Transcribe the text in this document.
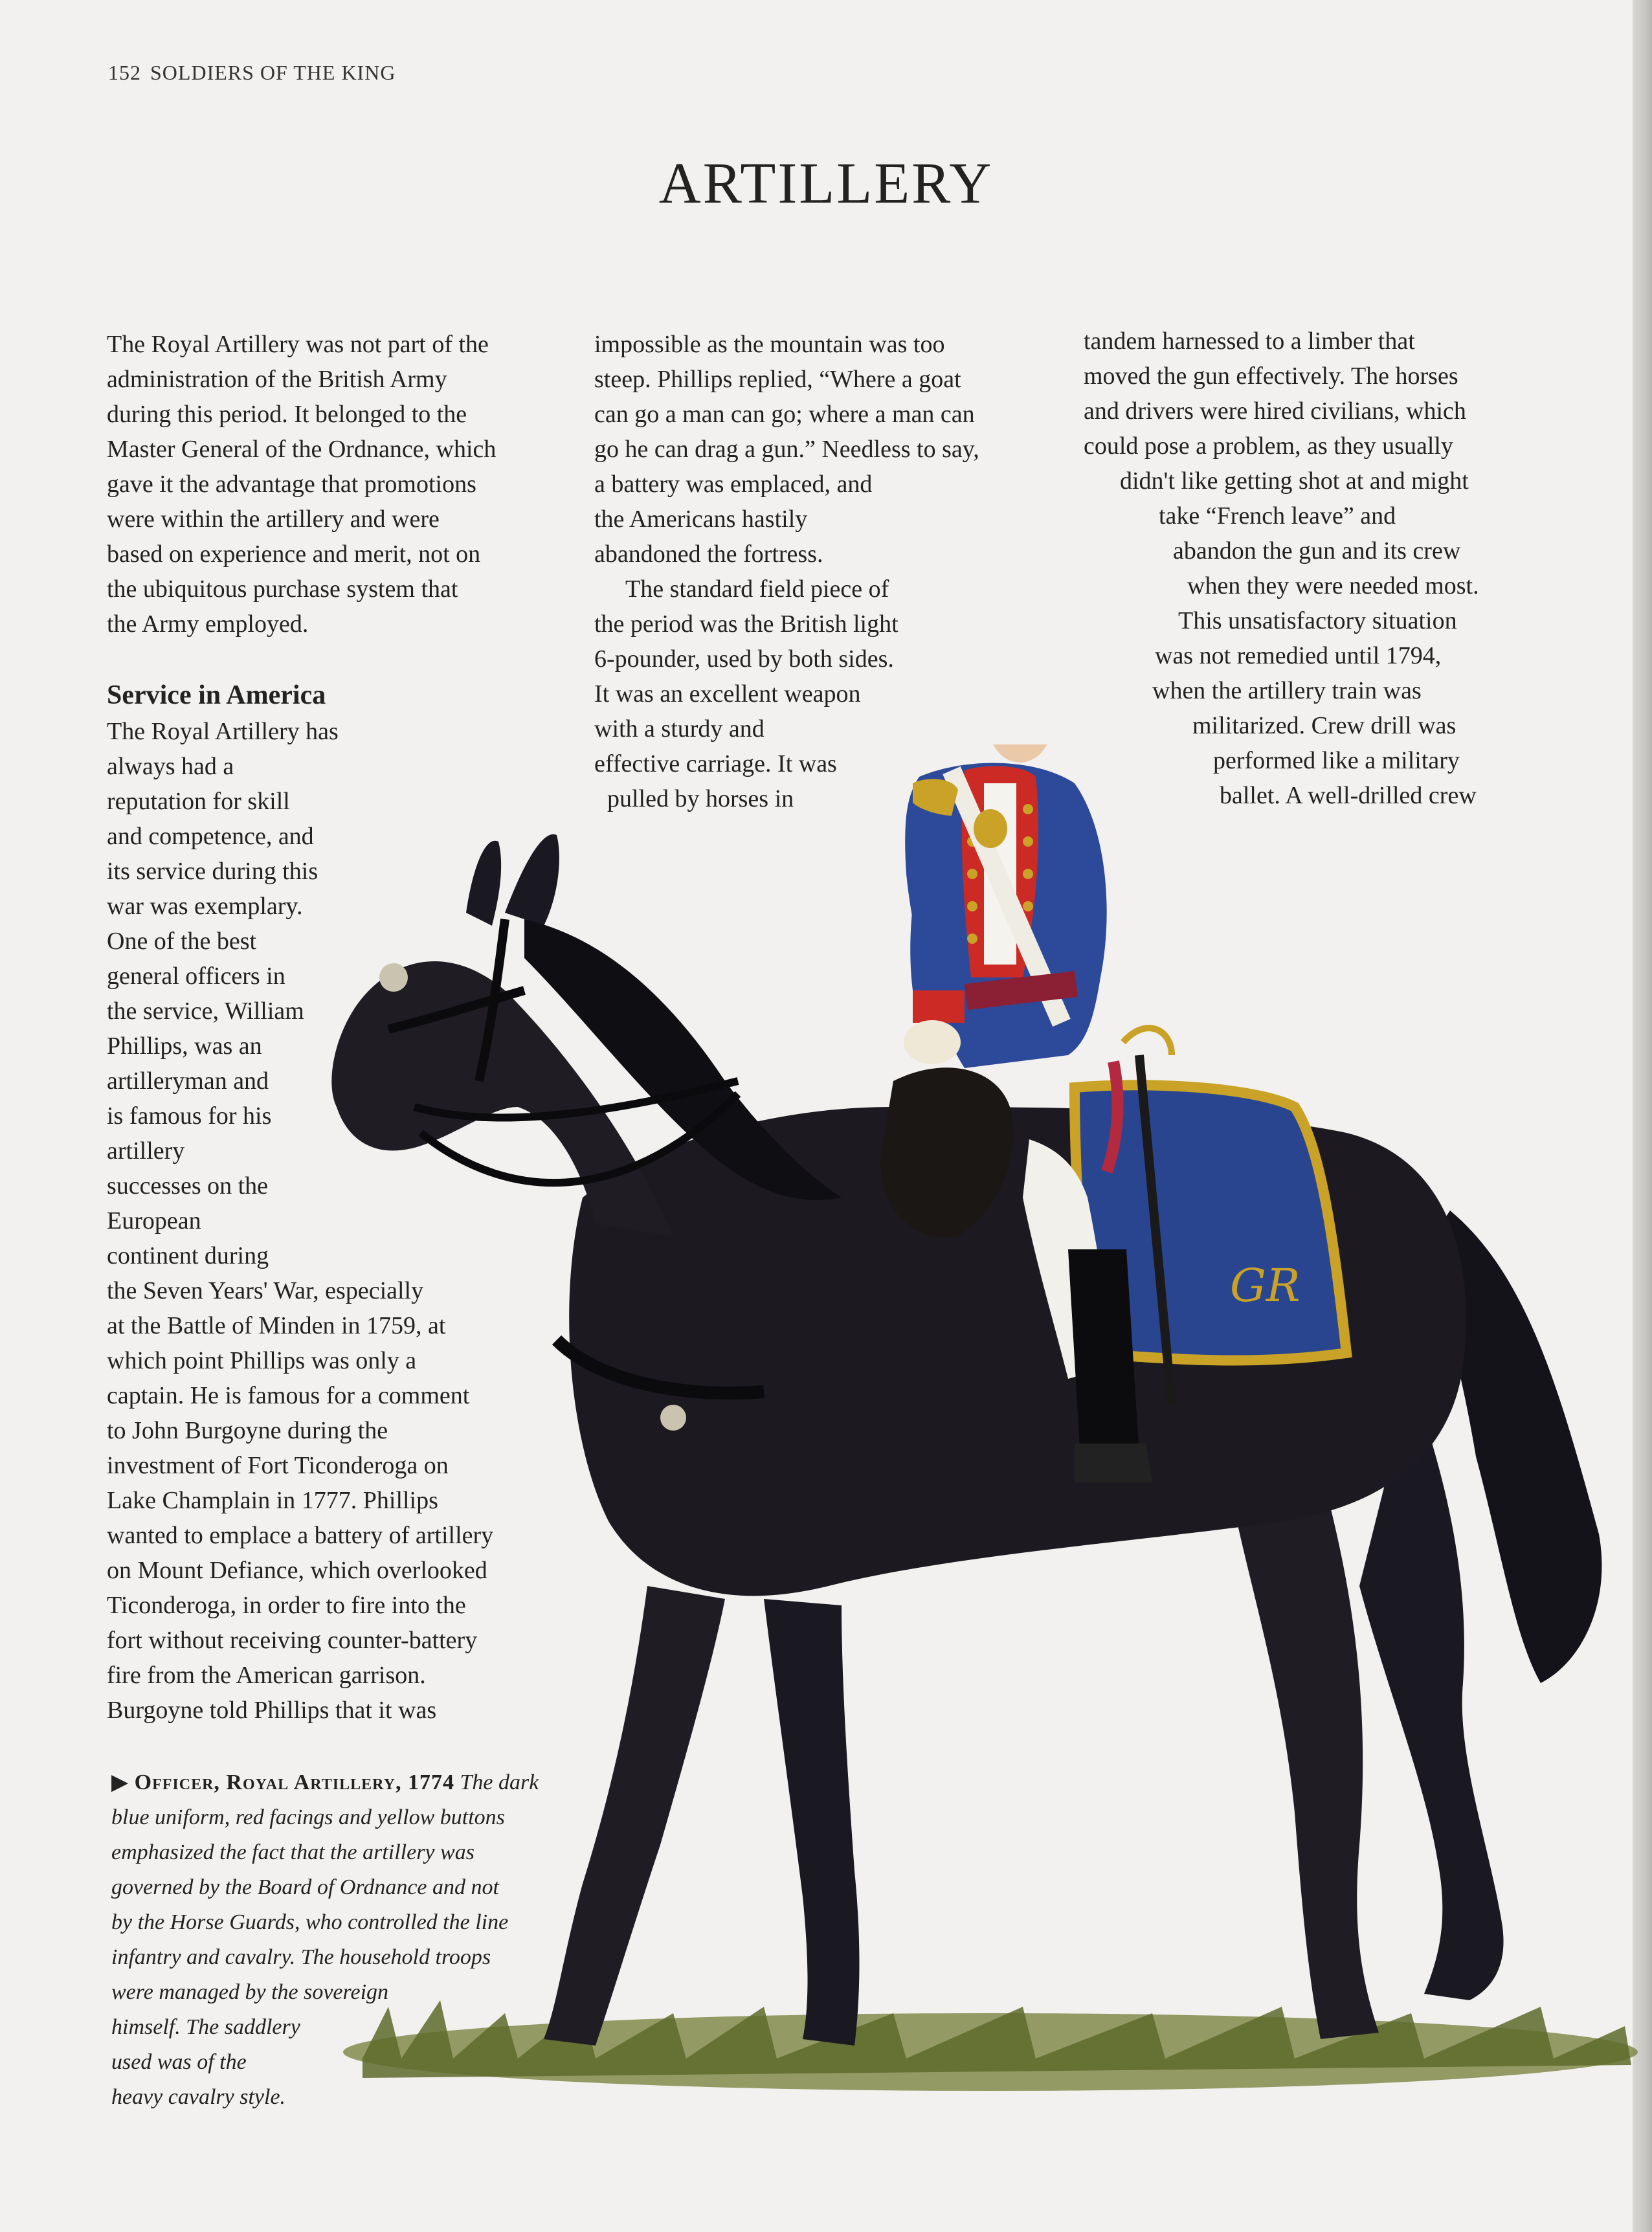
152 SOLDIERS OF THE KING
ARTILLERY
The Royal Artillery was not part of the
administration of the British Army
during this period. It belonged to the
Master General of the Ordnance, which
gave it the advantage that promotions
were within the artillery and were
based on experience and merit, not on
the ubiquitous purchase system that
the Army employed.
Service in America
The Royal Artillery has
always had a
reputation for skill
and competence, and
its service during this
war was exemplary.
One of the best
general officers in
the service, William
Phillips, was an
artilleryman and
is famous for his
artillery
successes on the
European
continent during
the Seven Years' War, especially
at the Battle of Minden in 1759, at
which point Phillips was only a
captain. He is famous for a comment
to John Burgoyne during the
investment of Fort Ticonderoga on
Lake Champlain in 1777. Phillips
wanted to emplace a battery of artillery
on Mount Defiance, which overlooked
Ticonderoga, in order to fire into the
fort without receiving counter-battery
fire from the American garrison.
Burgoyne told Phillips that it was
impossible as the mountain was too
steep. Phillips replied, “Where a goat
can go a man can go; where a man can
go he can drag a gun.” Needless to say,
a battery was emplaced, and
the Americans hastily
abandoned the fortress.
The standard field piece of
the period was the British light
6-pounder, used by both sides.
It was an excellent weapon
with a sturdy and
effective carriage. It was
pulled by horses in
tandem harnessed to a limber that
moved the gun effectively. The horses
and drivers were hired civilians, which
could pose a problem, as they usually
didn't like getting shot at and might
take “French leave” and
abandon the gun and its crew
when they were needed most.
This unsatisfactory situation
was not remedied until 1794,
when the artillery train was
militarized. Crew drill was
performed like a military
ballet. A well-drilled crew
GR
▶ Officer, Royal Artillery, 1774 The dark
blue uniform, red facings and yellow buttons
emphasized the fact that the artillery was
governed by the Board of Ordnance and not
by the Horse Guards, who controlled the line
infantry and cavalry. The household troops
were managed by the sovereign
himself. The saddlery
used was of the
heavy cavalry style.
